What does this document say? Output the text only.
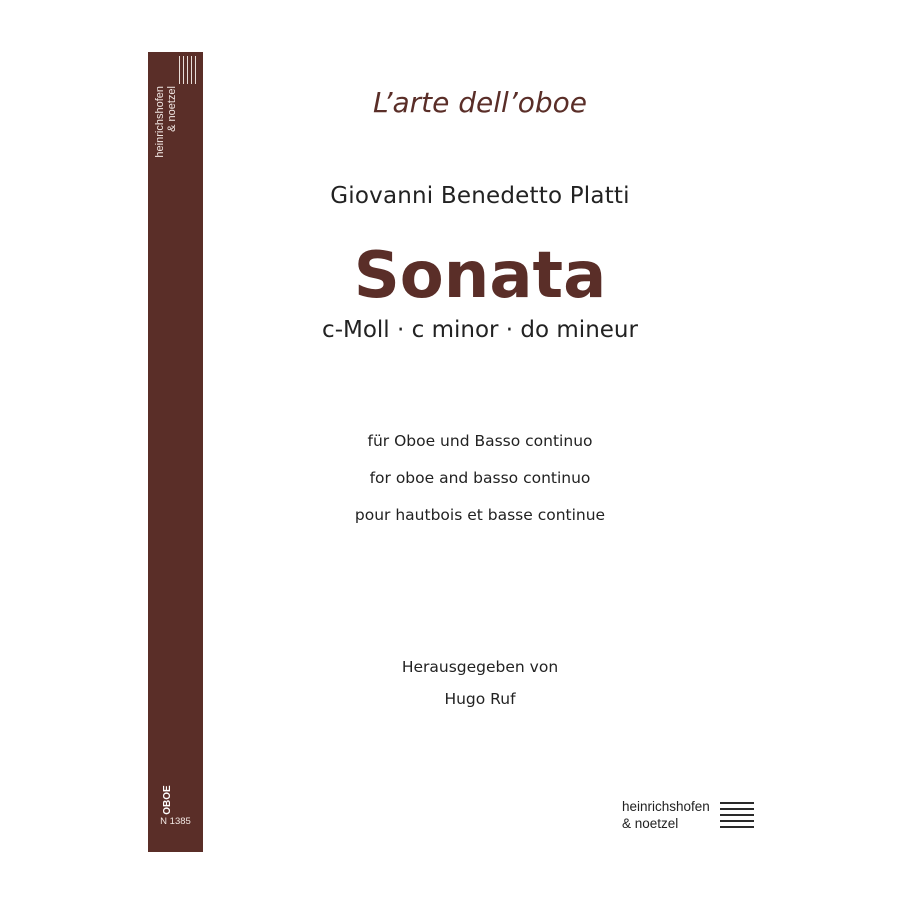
heinrichshofen & noetzel
OBOE
N 1385
L’arte dell’oboe
Giovanni Benedetto Platti
Sonata
c-Moll · c minor · do mineur
für Oboe und Basso continuo
for oboe and basso continuo
pour hautbois et basse continue
Herausgegeben von
Hugo Ruf
heinrichshofen
& noetzel
